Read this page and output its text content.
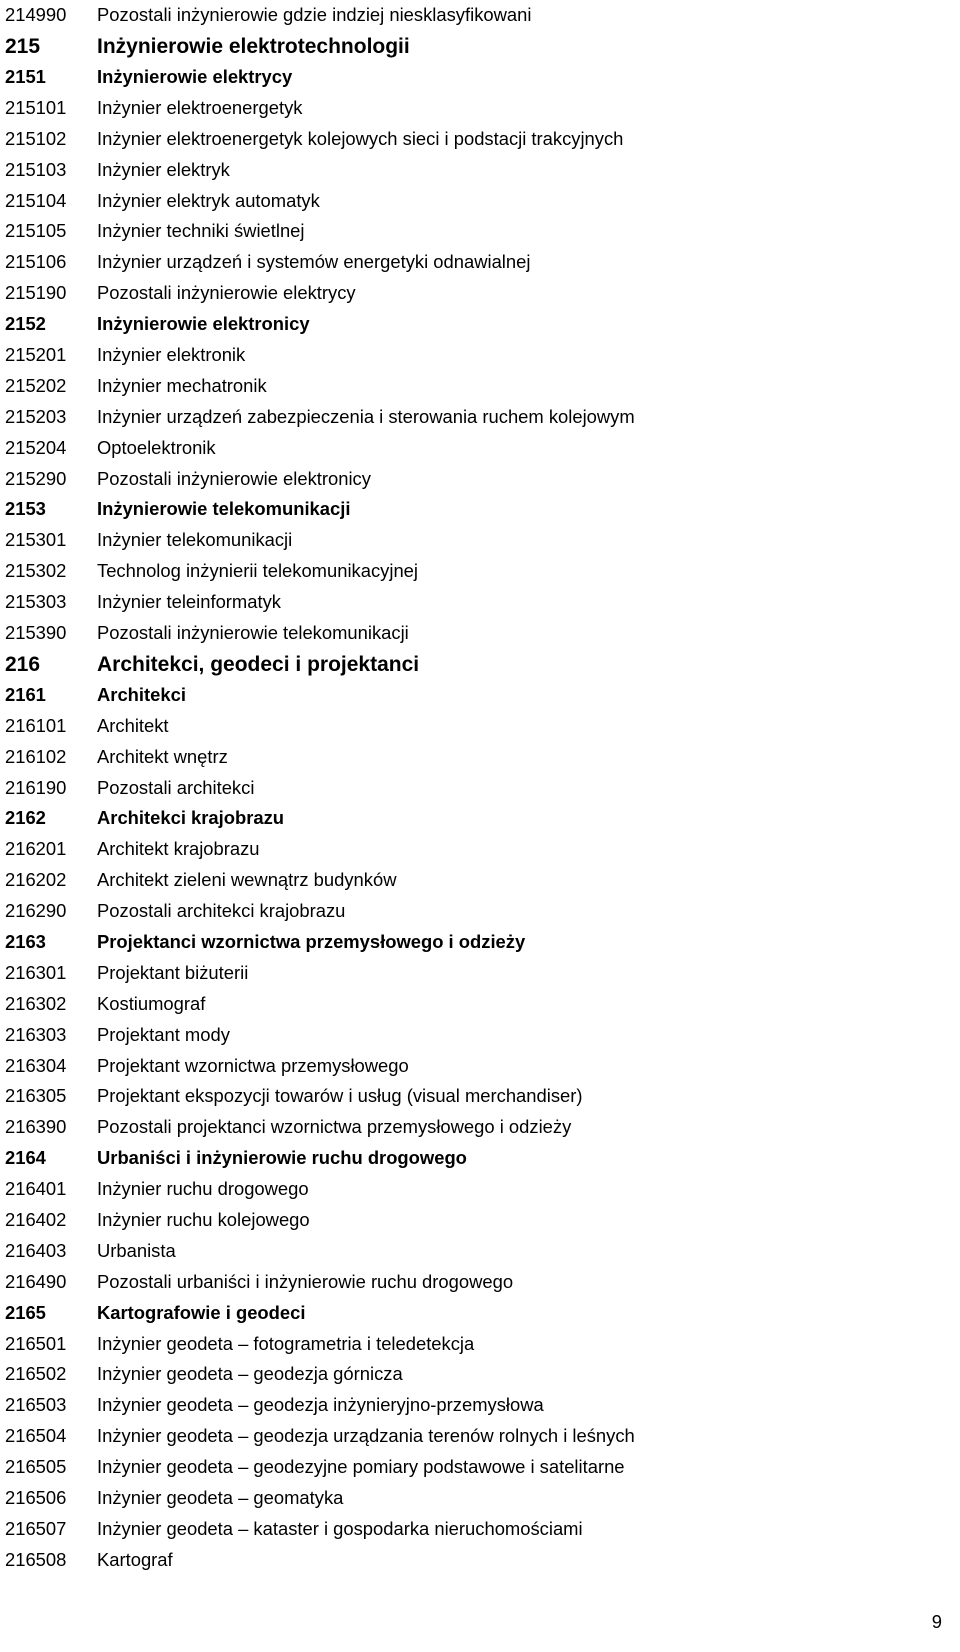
214990	Pozostali inżynierowie gdzie indziej niesklasyfikowani
215	Inżynierowie elektrotechnologii
2151	Inżynierowie elektrycy
215101	Inżynier elektroenergetyk
215102	Inżynier elektroenergetyk kolejowych sieci i podstacji trakcyjnych
215103	Inżynier elektryk
215104	Inżynier elektryk automatyk
215105	Inżynier techniki świetlnej
215106	Inżynier urządzeń i systemów energetyki odnawialnej
215190	Pozostali inżynierowie elektrycy
2152	Inżynierowie elektronicy
215201	Inżynier elektronik
215202	Inżynier mechatronik
215203	Inżynier urządzeń zabezpieczenia i sterowania ruchem kolejowym
215204	Optoelektronik
215290	Pozostali inżynierowie elektronicy
2153	Inżynierowie telekomunikacji
215301	Inżynier telekomunikacji
215302	Technolog inżynierii telekomunikacyjnej
215303	Inżynier teleinformatyk
215390	Pozostali inżynierowie telekomunikacji
216	Architekci, geodeci i projektanci
2161	Architekci
216101	Architekt
216102	Architekt wnętrz
216190	Pozostali architekci
2162	Architekci krajobrazu
216201	Architekt krajobrazu
216202	Architekt zieleni wewnątrz budynków
216290	Pozostali architekci krajobrazu
2163	Projektanci wzornictwa przemysłowego i odzieży
216301	Projektant biżuterii
216302	Kostiumograf
216303	Projektant mody
216304	Projektant wzornictwa przemysłowego
216305	Projektant ekspozycji towarów i usług (visual merchandiser)
216390	Pozostali projektanci wzornictwa przemysłowego i odzieży
2164	Urbaniści i inżynierowie ruchu drogowego
216401	Inżynier ruchu drogowego
216402	Inżynier ruchu kolejowego
216403	Urbanista
216490	Pozostali urbaniści i inżynierowie ruchu drogowego
2165	Kartografowie i geodeci
216501	Inżynier geodeta – fotogrametria i teledetekcja
216502	Inżynier geodeta – geodezja górnicza
216503	Inżynier geodeta – geodezja inżynieryjno-przemysłowa
216504	Inżynier geodeta – geodezja urządzania terenów rolnych i leśnych
216505	Inżynier geodeta – geodezyjne pomiary podstawowe i satelitarne
216506	Inżynier geodeta – geomatyka
216507	Inżynier geodeta – kataster i gospodarka nieruchomościami
216508	Kartograf
9
